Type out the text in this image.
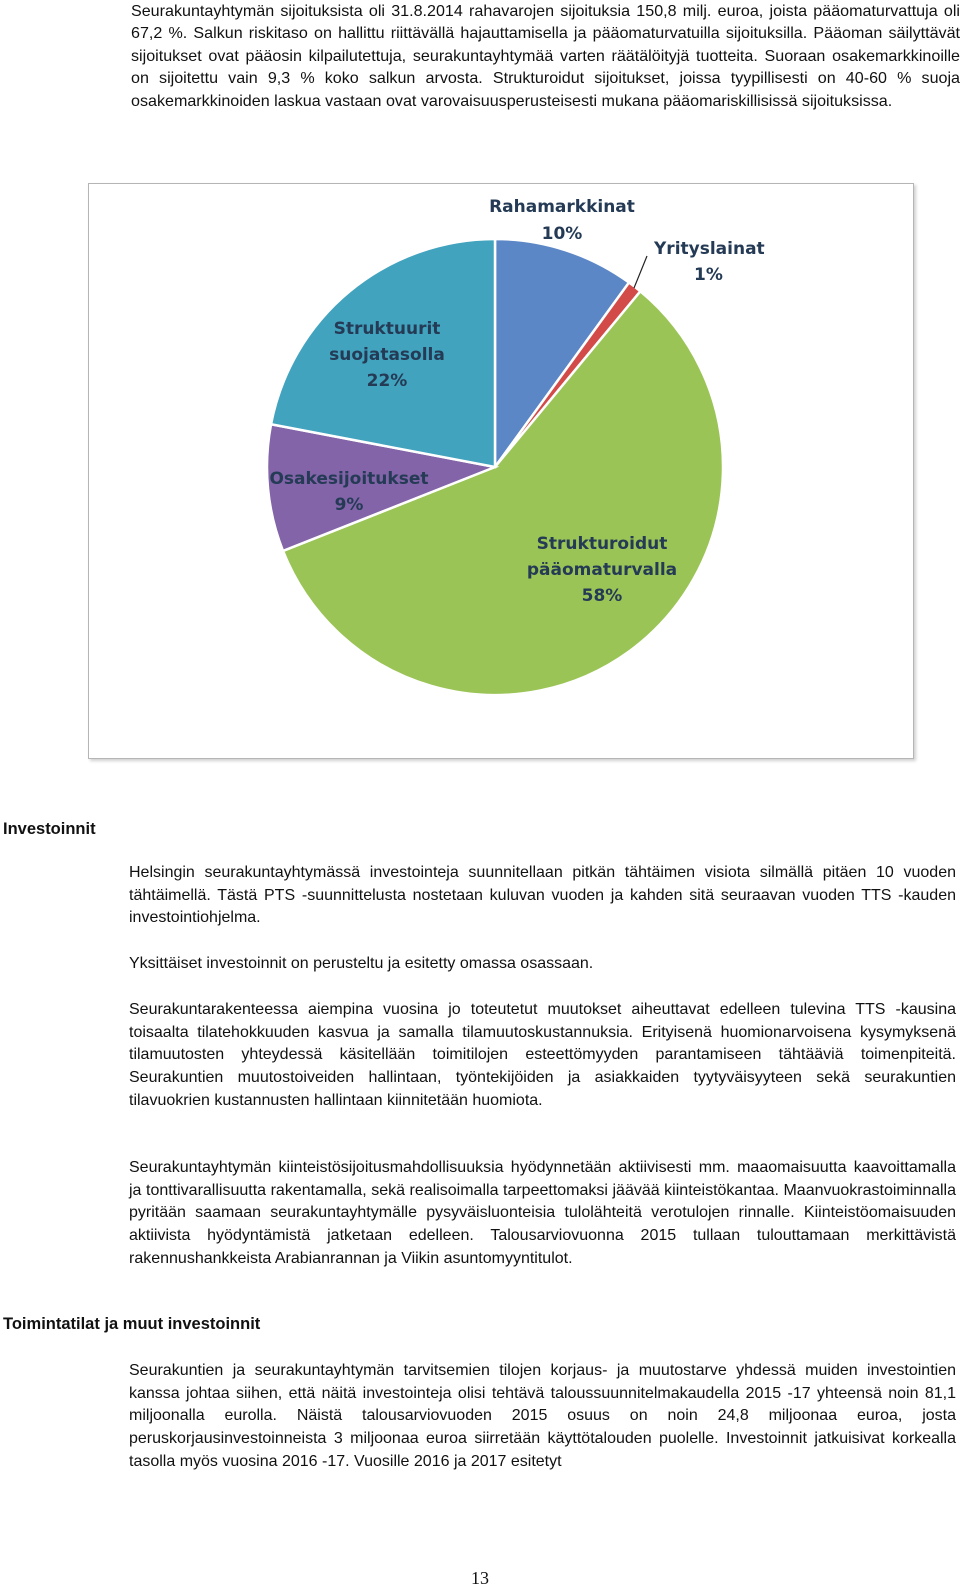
Seurakuntayhtymän sijoituksista oli 31.8.2014 rahavarojen sijoituksia 150,8 milj. euroa, joista pääomaturvattuja oli 67,2 %. Salkun riskitaso on hallittu riittävällä hajauttamisella ja pääomaturvatuilla sijoituksilla. Pääoman säilyttävät sijoitukset ovat pääosin kilpailutettuja, seurakuntayhtymää varten räätälöityjä tuotteita. Suoraan osakemarkkinoille on sijoitettu vain 9,3 % koko salkun arvosta. Strukturoidut sijoitukset, joissa tyypillisesti on 40-60 % suoja osakemarkkinoiden laskua vastaan ovat varovaisuusperusteisesti mukana pääomariskillisissä sijoituksissa.

Rahamarkkinat
10%
Yrityslainat
1%
Strukturoidut
pääomaturvalla
58%
Osakesijoitukset
9%
Struktuurit
suojatasolla
22%
Investoinnit

Helsingin seurakuntayhtymässä investointeja suunnitellaan pitkän tähtäimen visiota silmällä pitäen 10 vuoden tähtäimellä. Tästä PTS -suunnittelusta nostetaan kuluvan vuoden ja kahden sitä seuraavan vuoden TTS -kauden investointiohjelma.

Yksittäiset investoinnit on perusteltu ja esitetty omassa osassaan.

Seurakuntarakenteessa aiempina vuosina jo toteutetut muutokset aiheuttavat edelleen tulevina TTS -kausina toisaalta tilatehokkuuden kasvua ja samalla tilamuutoskustannuksia. Erityisenä huomionarvoisena kysymyksenä tilamuutosten yhteydessä käsitellään toimitilojen esteettömyyden parantamiseen tähtääviä toimenpiteitä. Seurakuntien muutostoiveiden hallintaan, työntekijöiden ja asiakkaiden tyytyväisyyteen sekä seurakuntien tilavuokrien kustannusten hallintaan kiinnitetään huomiota.

Seurakuntayhtymän kiinteistösijoitusmahdollisuuksia hyödynnetään aktiivisesti mm. maaomaisuutta kaavoittamalla ja tonttivarallisuutta rakentamalla, sekä realisoimalla tarpeettomaksi jäävää kiinteistökantaa. Maanvuokrastoiminnalla pyritään saamaan seurakuntayhtymälle pysyväisluonteisia tulolähteitä verotulojen rinnalle. Kiinteistöomaisuuden aktiivista hyödyntämistä jatketaan edelleen. Talousarviovuonna 2015 tullaan tulouttamaan merkittävistä rakennushankkeista Arabianrannan ja Viikin asuntomyyntitulot.

Toimintatilat ja muut investoinnit

Seurakuntien ja seurakuntayhtymän tarvitsemien tilojen korjaus- ja muutostarve yhdessä muiden investointien kanssa johtaa siihen, että näitä investointeja olisi tehtävä taloussuunnitelmakaudella 2015 -17 yhteensä noin 81,1 miljoonalla eurolla. Näistä talousarviovuoden 2015 osuus on noin 24,8 miljoonaa euroa, josta peruskorjausinvestoinneista 3 miljoonaa euroa siirretään käyttötalouden puolelle. Investoinnit jatkuisivat korkealla tasolla myös vuosina 2016 -17. Vuosille 2016 ja 2017 esitetyt

13
